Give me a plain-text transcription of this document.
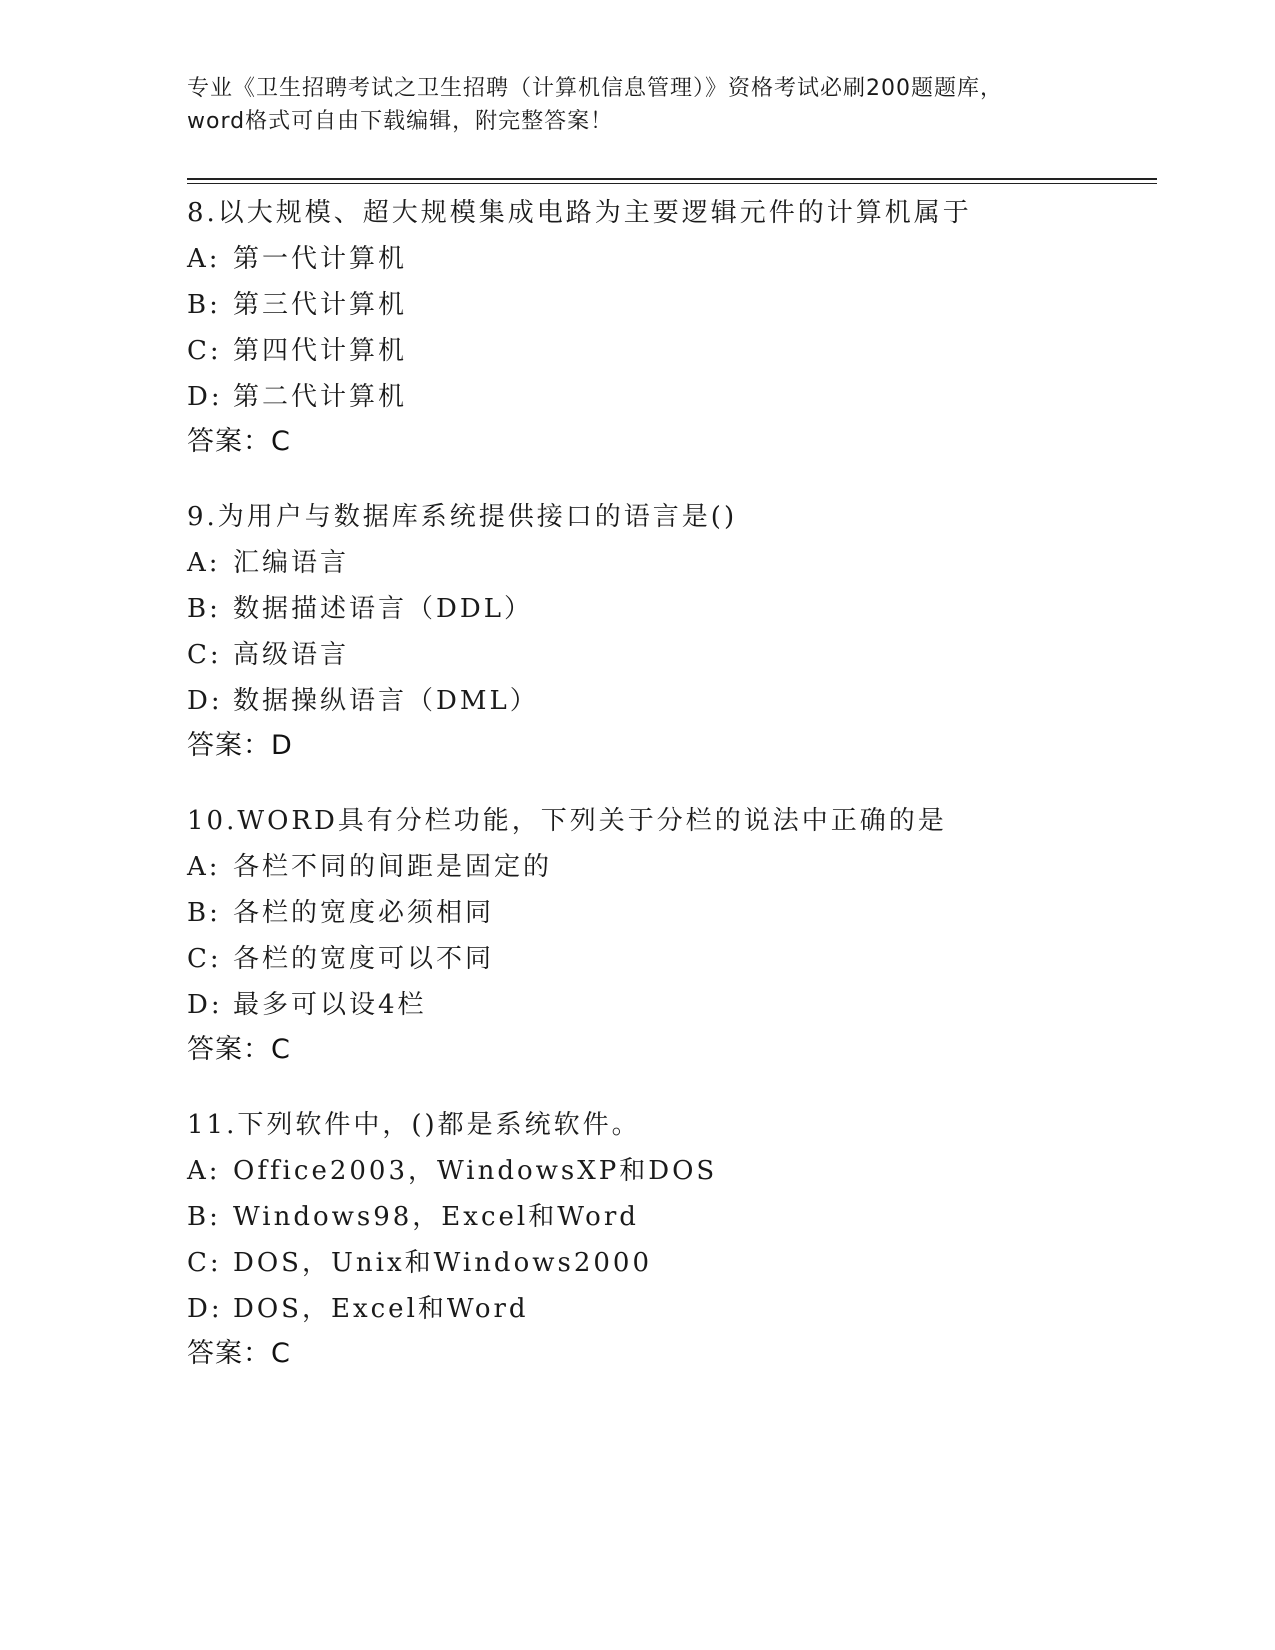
专业《卫生招聘考试之卫生招聘（计算机信息管理）》资格考试必刷200题题库，
word格式可自由下载编辑，附完整答案！
8.以大规模、超大规模集成电路为主要逻辑元件的计算机属于
A: 第一代计算机
B: 第三代计算机
C: 第四代计算机
D: 第二代计算机
答案：C
9.为用户与数据库系统提供接口的语言是()
A: 汇编语言
B: 数据描述语言（DDL）
C: 高级语言
D: 数据操纵语言（DML）
答案：D
10.WORD具有分栏功能，下列关于分栏的说法中正确的是
A: 各栏不同的间距是固定的
B: 各栏的宽度必须相同
C: 各栏的宽度可以不同
D: 最多可以设4栏
答案：C
11.下列软件中，()都是系统软件。
A: Office2003，WindowsXP和DOS
B: Windows98，Excel和Word
C: DOS，Unix和Windows2000
D: DOS，Excel和Word
答案：C
